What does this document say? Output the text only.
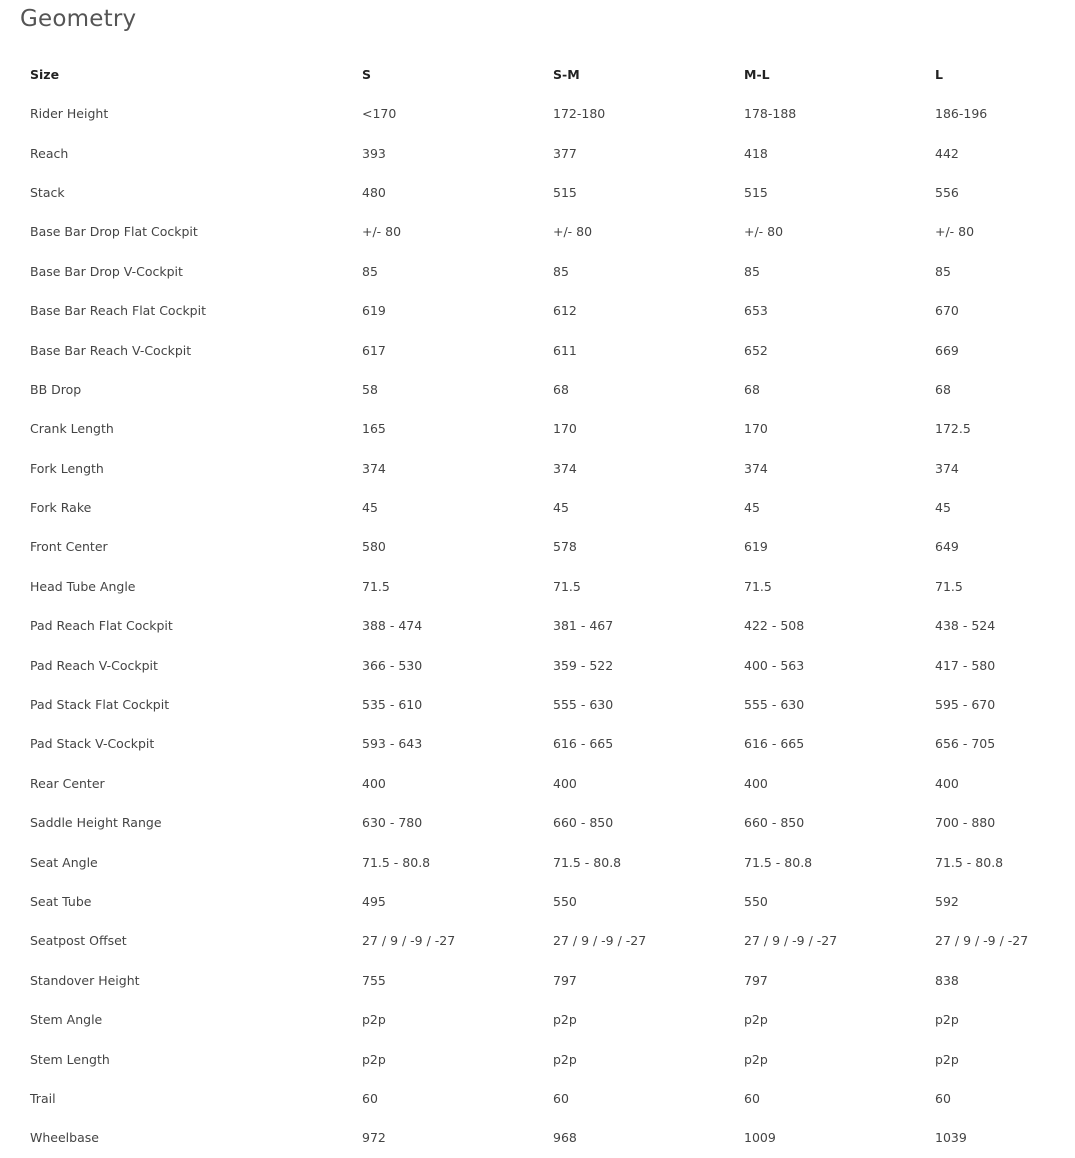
Geometry
Size	S	S-M	M-L	L
Rider Height	<170	172-180	178-188	186-196
Reach	393	377	418	442
Stack	480	515	515	556
Base Bar Drop Flat Cockpit	+/- 80	+/- 80	+/- 80	+/- 80
Base Bar Drop V-Cockpit	85	85	85	85
Base Bar Reach Flat Cockpit	619	612	653	670
Base Bar Reach V-Cockpit	617	611	652	669
BB Drop	58	68	68	68
Crank Length	165	170	170	172.5
Fork Length	374	374	374	374
Fork Rake	45	45	45	45
Front Center	580	578	619	649
Head Tube Angle	71.5	71.5	71.5	71.5
Pad Reach Flat Cockpit	388 - 474	381 - 467	422 - 508	438 - 524
Pad Reach V-Cockpit	366 - 530	359 - 522	400 - 563	417 - 580
Pad Stack Flat Cockpit	535 - 610	555 - 630	555 - 630	595 - 670
Pad Stack V-Cockpit	593 - 643	616 - 665	616 - 665	656 - 705
Rear Center	400	400	400	400
Saddle Height Range	630 - 780	660 - 850	660 - 850	700 - 880
Seat Angle	71.5 - 80.8	71.5 - 80.8	71.5 - 80.8	71.5 - 80.8
Seat Tube	495	550	550	592
Seatpost Offset	27 / 9 / -9 / -27	27 / 9 / -9 / -27	27 / 9 / -9 / -27	27 / 9 / -9 / -27
Standover Height	755	797	797	838
Stem Angle	p2p	p2p	p2p	p2p
Stem Length	p2p	p2p	p2p	p2p
Trail	60	60	60	60
Wheelbase	972	968	1009	1039
